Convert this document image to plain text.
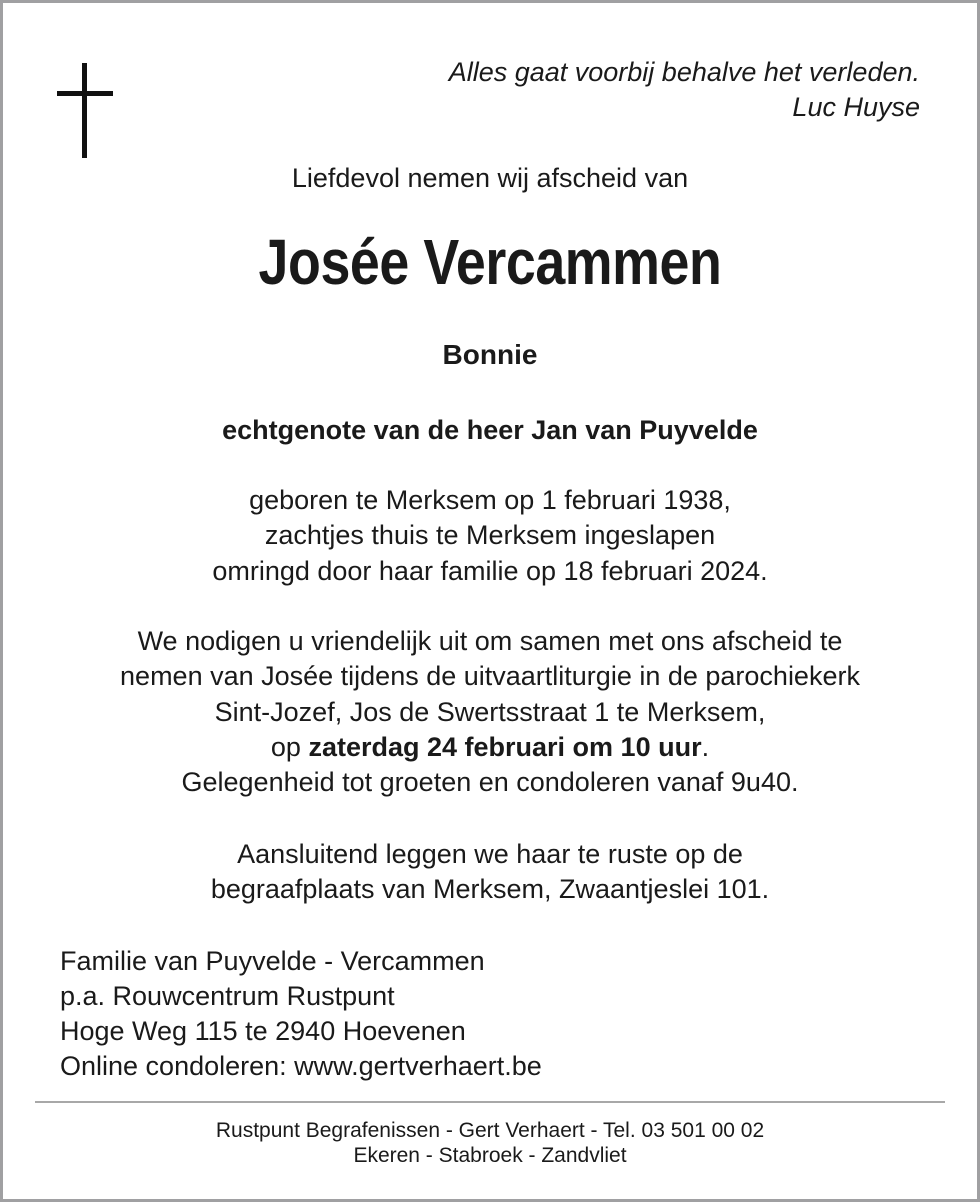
Alles gaat voorbij behalve het verleden.
Luc Huyse
Liefdevol nemen wij afscheid van
Josée Vercammen
Bonnie
echtgenote van de heer Jan van Puyvelde
geboren te Merksem op 1 februari 1938,
zachtjes thuis te Merksem ingeslapen
omringd door haar familie op 18 februari 2024.
We nodigen u vriendelijk uit om samen met ons afscheid te
nemen van Josée tijdens de uitvaartliturgie in de parochiekerk
Sint-Jozef, Jos de Swertsstraat 1 te Merksem,
op zaterdag 24 februari om 10 uur.
Gelegenheid tot groeten en condoleren vanaf 9u40.
Aansluitend leggen we haar te ruste op de
begraafplaats van Merksem, Zwaantjeslei 101.
Familie van Puyvelde - Vercammen
p.a. Rouwcentrum Rustpunt
Hoge Weg 115 te 2940 Hoevenen
Online condoleren: www.gertverhaert.be
Rustpunt Begrafenissen - Gert Verhaert - Tel. 03 501 00 02
Ekeren - Stabroek - Zandvliet
